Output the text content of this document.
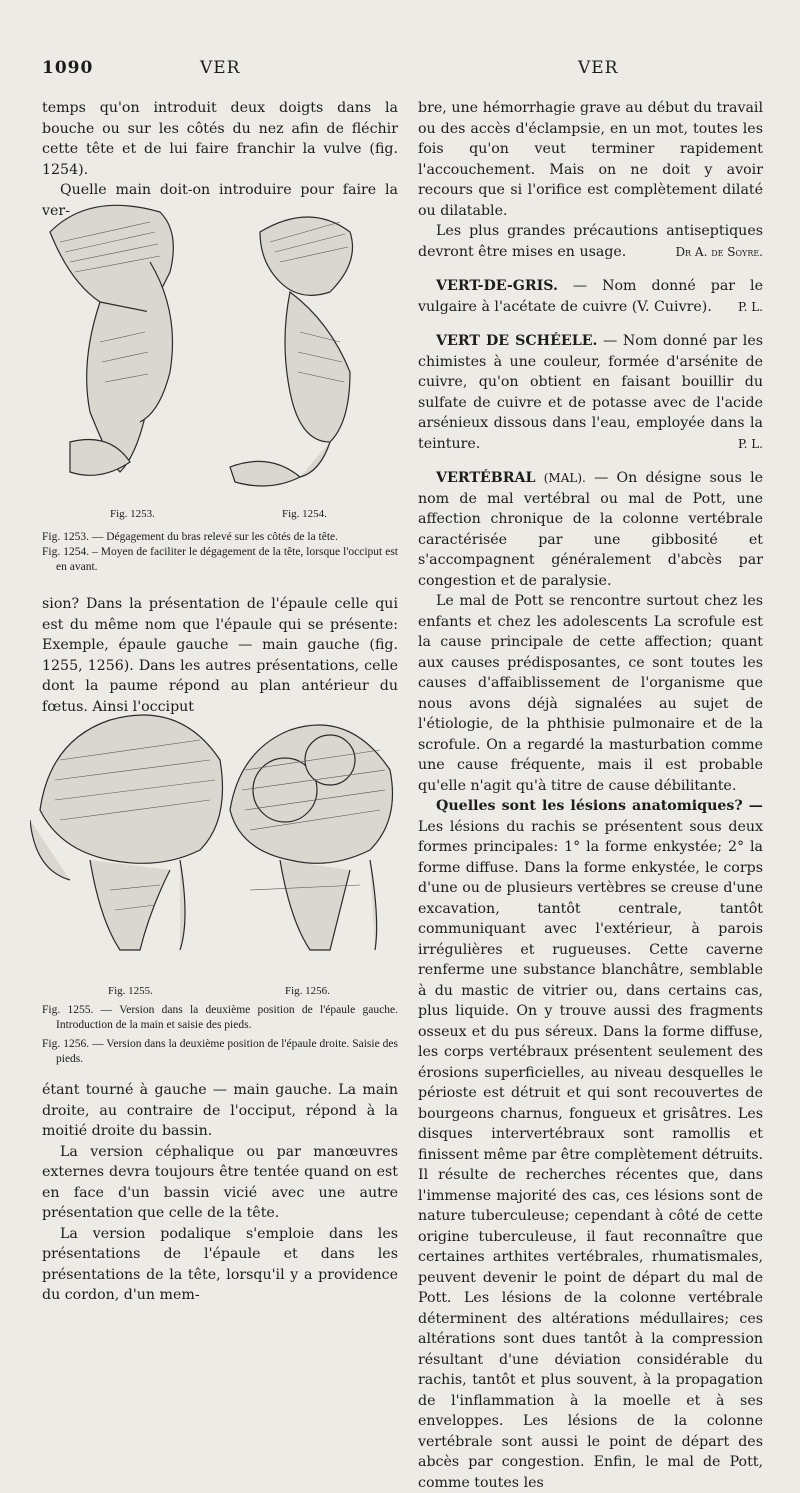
1090	VER	VER

temps qu'on introduit deux doigts dans la bouche ou sur les côtés du nez afin de fléchir cette tête et de lui faire franchir la vulve (fig. 1254).

Quelle main doit-on introduire pour faire la ver-

Fig. 1253.	Fig. 1254.

Fig. 1253. — Dégagement du bras relevé sur les côtés de la tête.

Fig. 1254. – Moyen de faciliter le dégagement de la tête, lorsque l'occiput est en avant.

sion? Dans la présentation de l'épaule celle qui est du même nom que l'épaule qui se présente: Exemple, épaule gauche — main gauche (fig. 1255, 1256). Dans les autres présentations, celle dont la paume répond au plan antérieur du fœtus. Ainsi l'occiput

Fig. 1255.	Fig. 1256.

Fig. 1255. — Version dans la deuxième position de l'épaule gauche. Introduction de la main et saisie des pieds.

Fig. 1256. — Version dans la deuxième position de l'épaule droite. Saisie des pieds.

étant tourné à gauche — main gauche. La main droite, au contraire de l'occiput, répond à la moitié droite du bassin.

La version céphalique ou par manœuvres externes devra toujours être tentée quand on est en face d'un bassin vicié avec une autre présentation que celle de la tête.

La version podalique s'emploie dans les présentations de l'épaule et dans les présentations de la tête, lorsqu'il y a providence du cordon, d'un mem-

bre, une hémorrhagie grave au début du travail ou des accès d'éclampsie, en un mot, toutes les fois qu'on veut terminer rapidement l'accouchement. Mais on ne doit y avoir recours que si l'orifice est complètement dilaté ou dilatable.

Les plus grandes précautions antiseptiques devront être mises en usage.	Dr A. de Soyre.

VERT-DE-GRIS. — Nom donné par le vulgaire à l'acétate de cuivre (V. Cuivre).	P. L.

VERT DE SCHÉELE. — Nom donné par les chimistes à une couleur, formée d'arsénite de cuivre, qu'on obtient en faisant bouillir du sulfate de cuivre et de potasse avec de l'acide arsénieux dissous dans l'eau, employée dans la teinture.	P. L.

VERTÉBRAL (MAL). — On désigne sous le nom de mal vertébral ou mal de Pott, une affection chronique de la colonne vertébrale caractérisée par une gibbosité et s'accompagnent généralement d'abcès par congestion et de paralysie.

Le mal de Pott se rencontre surtout chez les enfants et chez les adolescents La scrofule est la cause principale de cette affection; quant aux causes prédisposantes, ce sont toutes les causes d'affaiblissement de l'organisme que nous avons déjà signalées au sujet de l'étiologie, de la phthisie pulmonaire et de la scrofule. On a regardé la masturbation comme une cause fréquente, mais il est probable qu'elle n'agit qu'à titre de cause débilitante.

Quelles sont les lésions anatomiques? — Les lésions du rachis se présentent sous deux formes principales: 1° la forme enkystée; 2° la forme diffuse. Dans la forme enkystée, le corps d'une ou de plusieurs vertèbres se creuse d'une excavation, tantôt centrale, tantôt communiquant avec l'extérieur, à parois irrégulières et rugueuses. Cette caverne renferme une substance blanchâtre, semblable à du mastic de vitrier ou, dans certains cas, plus liquide. On y trouve aussi des fragments osseux et du pus séreux. Dans la forme diffuse, les corps vertébraux présentent seulement des érosions superficielles, au niveau desquelles le périoste est détruit et qui sont recouvertes de bourgeons charnus, fongueux et grisâtres. Les disques intervertébraux sont ramollis et finissent même par être complètement détruits. Il résulte de recherches récentes que, dans l'immense majorité des cas, ces lésions sont de nature tuberculeuse; cependant à côté de cette origine tuberculeuse, il faut reconnaître que certaines arthites vertébrales, rhumatismales, peuvent devenir le point de départ du mal de Pott. Les lésions de la colonne vertébrale déterminent des altérations médullaires; ces altérations sont dues tantôt à la compression résultant d'une déviation considérable du rachis, tantôt et plus souvent, à la propagation de l'inflammation à la moelle et à ses enveloppes. Les lésions de la colonne vertébrale sont aussi le point de départ des abcès par congestion. Enfin, le mal de Pott, comme toutes les
